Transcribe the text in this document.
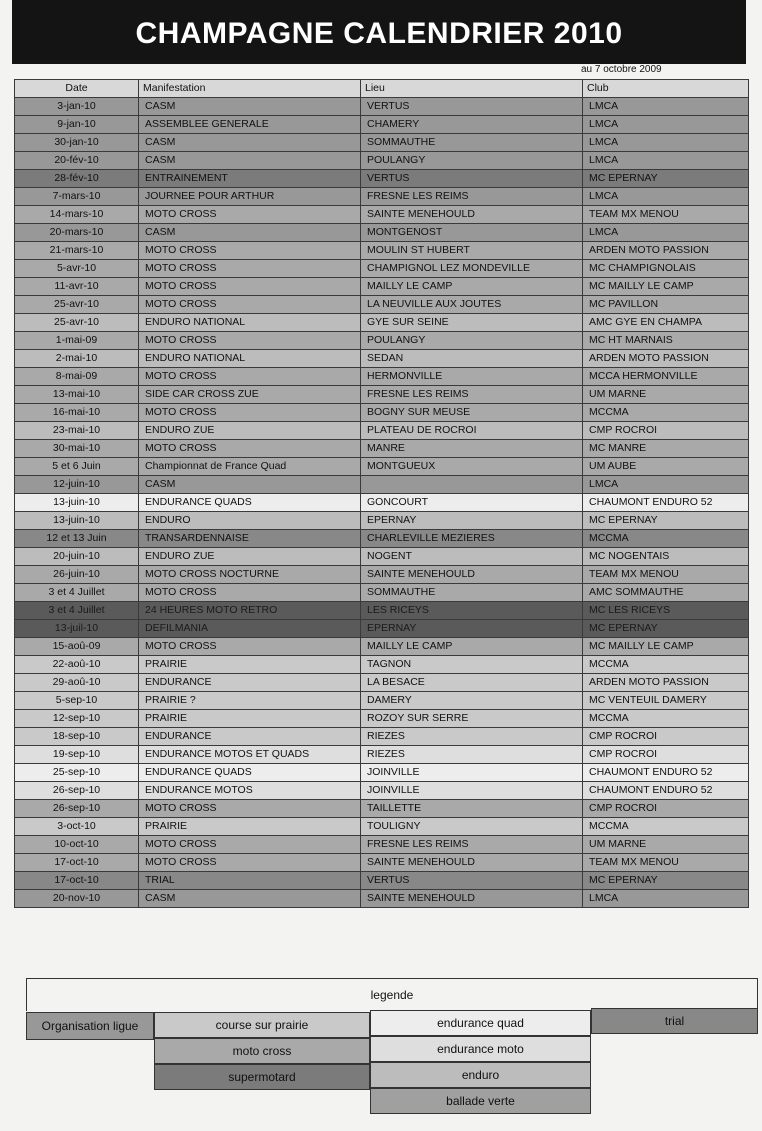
CHAMPAGNE CALENDRIER 2010
au 7 octobre 2009
Date	Manifestation	Lieu	Club
3-jan-10	CASM	VERTUS	LMCA
9-jan-10	ASSEMBLEE GENERALE	CHAMERY	LMCA
30-jan-10	CASM	SOMMAUTHE	LMCA
20-fév-10	CASM	POULANGY	LMCA
28-fév-10	ENTRAINEMENT	VERTUS	MC EPERNAY
7-mars-10	JOURNEE POUR ARTHUR	FRESNE LES REIMS	LMCA
14-mars-10	MOTO CROSS	SAINTE MENEHOULD	TEAM MX MENOU
20-mars-10	CASM	MONTGENOST	LMCA
21-mars-10	MOTO CROSS	MOULIN ST HUBERT	ARDEN MOTO PASSION
5-avr-10	MOTO CROSS	CHAMPIGNOL LEZ MONDEVILLE	MC CHAMPIGNOLAIS
11-avr-10	MOTO CROSS	MAILLY LE CAMP	MC MAILLY LE CAMP
25-avr-10	MOTO CROSS	LA NEUVILLE AUX JOUTES	MC PAVILLON
25-avr-10	ENDURO NATIONAL	GYE SUR SEINE	AMC GYE EN CHAMPA
1-mai-09	MOTO CROSS	POULANGY	MC HT MARNAIS
2-mai-10	ENDURO NATIONAL	SEDAN	ARDEN MOTO PASSION
8-mai-09	MOTO CROSS	HERMONVILLE	MCCA HERMONVILLE
13-mai-10	SIDE CAR CROSS ZUE	FRESNE LES REIMS	UM MARNE
16-mai-10	MOTO CROSS	BOGNY SUR MEUSE	MCCMA
23-mai-10	ENDURO ZUE	PLATEAU DE ROCROI	CMP ROCROI
30-mai-10	MOTO CROSS	MANRE	MC MANRE
5 et 6 Juin	Championnat de France Quad	MONTGUEUX	UM AUBE
12-juin-10	CASM		LMCA
13-juin-10	ENDURANCE QUADS	GONCOURT	CHAUMONT ENDURO 52
13-juin-10	ENDURO	EPERNAY	MC EPERNAY
12 et 13 Juin	TRANSARDENNAISE	CHARLEVILLE MEZIERES	MCCMA
20-juin-10	ENDURO ZUE	NOGENT	MC NOGENTAIS
26-juin-10	MOTO CROSS NOCTURNE	SAINTE MENEHOULD	TEAM MX MENOU
3 et 4 Juillet	MOTO CROSS	SOMMAUTHE	AMC SOMMAUTHE
3 et 4 Juillet	24 HEURES MOTO RETRO	LES RICEYS	MC LES RICEYS
13-juil-10	DEFILMANIA	EPERNAY	MC EPERNAY
15-aoû-09	MOTO CROSS	MAILLY LE CAMP	MC MAILLY LE CAMP
22-aoû-10	PRAIRIE	TAGNON	MCCMA
29-aoû-10	ENDURANCE	LA BESACE	ARDEN MOTO PASSION
5-sep-10	PRAIRIE ?	DAMERY	MC VENTEUIL DAMERY
12-sep-10	PRAIRIE	ROZOY SUR SERRE	MCCMA
18-sep-10	ENDURANCE	RIEZES	CMP ROCROI
19-sep-10	ENDURANCE MOTOS ET QUADS	RIEZES	CMP ROCROI
25-sep-10	ENDURANCE QUADS	JOINVILLE	CHAUMONT ENDURO 52
26-sep-10	ENDURANCE MOTOS	JOINVILLE	CHAUMONT ENDURO 52
26-sep-10	MOTO CROSS	TAILLETTE	CMP ROCROI
3-oct-10	PRAIRIE	TOULIGNY	MCCMA
10-oct-10	MOTO CROSS	FRESNE LES REIMS	UM MARNE
17-oct-10	MOTO CROSS	SAINTE MENEHOULD	TEAM MX MENOU
17-oct-10	TRIAL	VERTUS	MC EPERNAY
20-nov-10	CASM	SAINTE MENEHOULD	LMCA
legende
Organisation ligue	course sur prairie
moto cross
supermotard
endurance quad
endurance moto
enduro
ballade verte
trial
